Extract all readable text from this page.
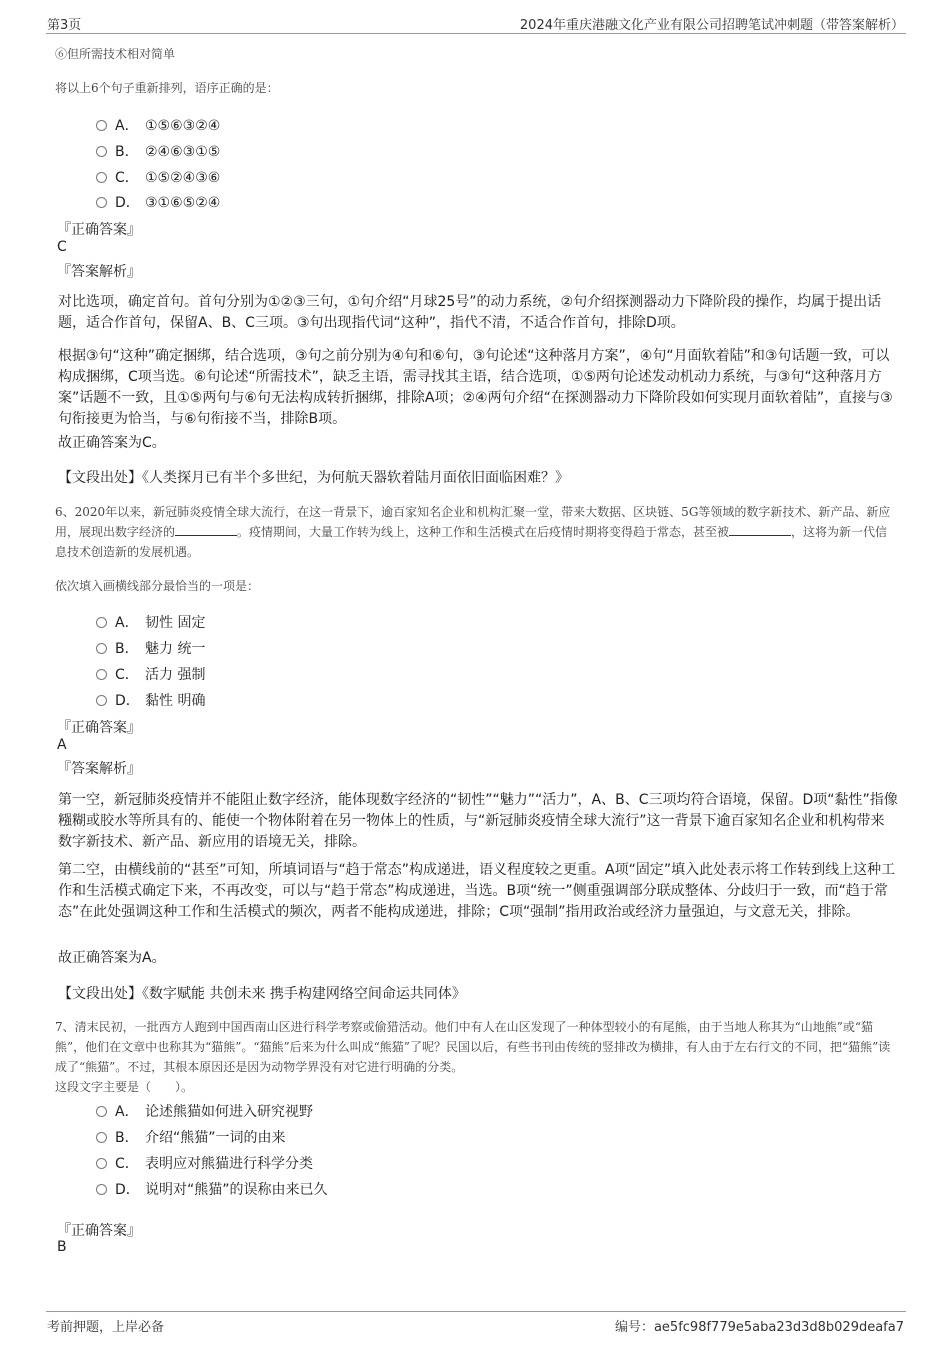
第3页	2024年重庆港融文化产业有限公司招聘笔试冲刺题（带答案解析）
⑥但所需技术相对简单
将以上6个句子重新排列，语序正确的是：
A． ①⑤⑥③②④
B． ②④⑥③①⑤
C． ①⑤②④③⑥
D． ③①⑥⑤②④
『正确答案』
C
『答案解析』
对比选项，确定首句。首句分别为①②③三句，①句介绍“月球25号”的动力系统，②句介绍探测器动力下降阶段的操作，均属于提出话题，适合作首句，保留A、B、C三项。③句出现指代词“这种”，指代不清，不适合作首句，排除D项。
根据③句“这种”确定捆绑，结合选项，③句之前分别为④句和⑥句，③句论述“这种落月方案”，④句“月面软着陆”和③句话题一致，可以构成捆绑，C项当选。⑥句论述“所需技术”，缺乏主语，需寻找其主语，结合选项，①⑤两句论述发动机动力系统，与③句“这种落月方案”话题不一致，且①⑤两句与⑥句无法构成转折捆绑，排除A项；②④两句介绍“在探测器动力下降阶段如何实现月面软着陆”，直接与③句衔接更为恰当，与⑥句衔接不当，排除B项。
故正确答案为C。
【文段出处】《人类探月已有半个多世纪，为何航天器软着陆月面依旧面临困难？》
6、2020年以来，新冠肺炎疫情全球大流行，在这一背景下，逾百家知名企业和机构汇聚一堂，带来大数据、区块链、5G等领域的数字新技术、新产品、新应用，展现出数字经济的	。疫情期间，大量工作转为线上，这种工作和生活模式在后疫情时期将变得趋于常态，甚至被	，这将为新一代信息技术创造新的发展机遇。
依次填入画横线部分最恰当的一项是：
A． 韧性 固定
B． 魅力 统一
C． 活力 强制
D． 黏性 明确
『正确答案』
A
『答案解析』
第一空，新冠肺炎疫情并不能阻止数字经济，能体现数字经济的“韧性”“魅力”“活力”，A、B、C三项均符合语境，保留。D项“黏性”指像糨糊或胶水等所具有的、能使一个物体附着在另一物体上的性质，与“新冠肺炎疫情全球大流行”这一背景下逾百家知名企业和机构带来数字新技术、新产品、新应用的语境无关，排除。
第二空，由横线前的“甚至”可知，所填词语与“趋于常态”构成递进，语义程度较之更重。A项“固定”填入此处表示将工作转到线上这种工作和生活模式确定下来，不再改变，可以与“趋于常态”构成递进，当选。B项“统一”侧重强调部分联成整体、分歧归于一致，而“趋于常态”在此处强调这种工作和生活模式的频次，两者不能构成递进，排除；C项“强制”指用政治或经济力量强迫，与文意无关，排除。
故正确答案为A。
【文段出处】《数字赋能 共创未来 携手构建网络空间命运共同体》
7、清末民初，一批西方人跑到中国西南山区进行科学考察或偷猎活动。他们中有人在山区发现了一种体型较小的有尾熊，由于当地人称其为“山地熊”或“猫熊”，他们在文章中也称其为“猫熊”。“猫熊”后来为什么叫成“熊猫”了呢？民国以后，有些书刊由传统的竖排改为横排，有人由于左右行文的不同，把“猫熊”读成了“熊猫”。不过，其根本原因还是因为动物学界没有对它进行明确的分类。
这段文字主要是（　　）。
A． 论述熊猫如何进入研究视野
B． 介绍“熊猫”一词的由来
C． 表明应对熊猫进行科学分类
D． 说明对“熊猫”的误称由来已久
『正确答案』
B
考前押题，上岸必备	编号：ae5fc98f779e5aba23d3d8b029deafa7
